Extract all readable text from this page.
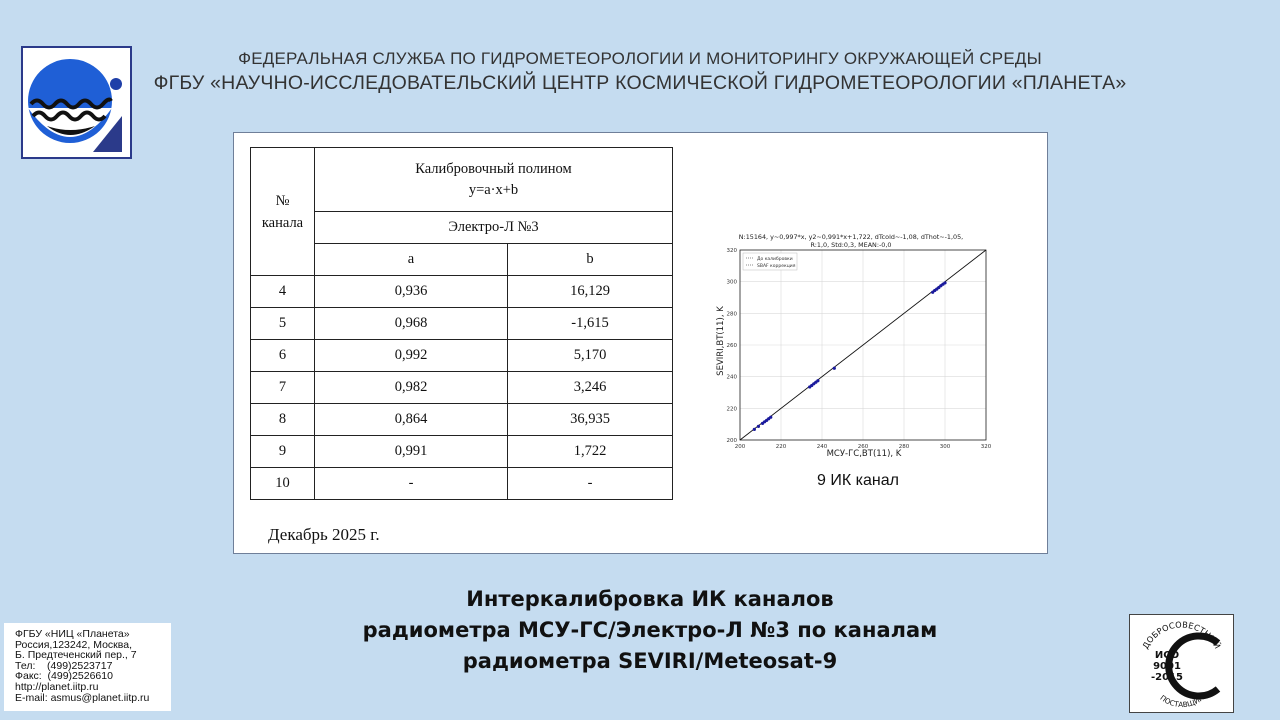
ФЕДЕРАЛЬНАЯ СЛУЖБА ПО ГИДРОМЕТЕОРОЛОГИИ И МОНИТОРИНГУ ОКРУЖАЮЩЕЙ СРЕДЫ
ФГБУ «НАУЧНО-ИССЛЕДОВАТЕЛЬСКИЙ ЦЕНТР КОСМИЧЕСКОЙ ГИДРОМЕТЕОРОЛОГИИ «ПЛАНЕТА»
№ канала	Калибровочный полином
y=a·x+b	

	Электро-Л №3	
	a	b
4	0,936	16,129
5	0,968	-1,615
6	0,992	5,170
7	0,982	3,246
8	0,864	36,935
9	0,991	1,722
10	-	-
Декабрь 2025 г.
N:15164, y~0,997*x, y2~0,991*x+1,722, dTcold~-1,08, dThot~-1,05,
R:1,0, Std:0,3, MEAN:-0,0
200	220	240	260	280	300	320
200
220
240
260
280
300
320
До калибровки
SBAF коррекция
МСУ-ГС,BT(11), K
SEVIRI,BT(11), K
9 ИК канал
Интеркалибровка ИК каналов
радиометра МСУ-ГС/Электро-Л №3 по каналам
радиометра SEVIRI/Meteosat-9
ФГБУ «НИЦ «Планета»
Россия,123242, Москва,
Б. Предтеченский пер., 7
Тел:    (499)2523717
Факс:  (499)2526610
http://planet.iitp.ru
E-mail: asmus@planet.iitp.ru
ДОБРОСОВЕСТНЫЙ
ПОСТАВЩИК
ИСО
9001
-2015
